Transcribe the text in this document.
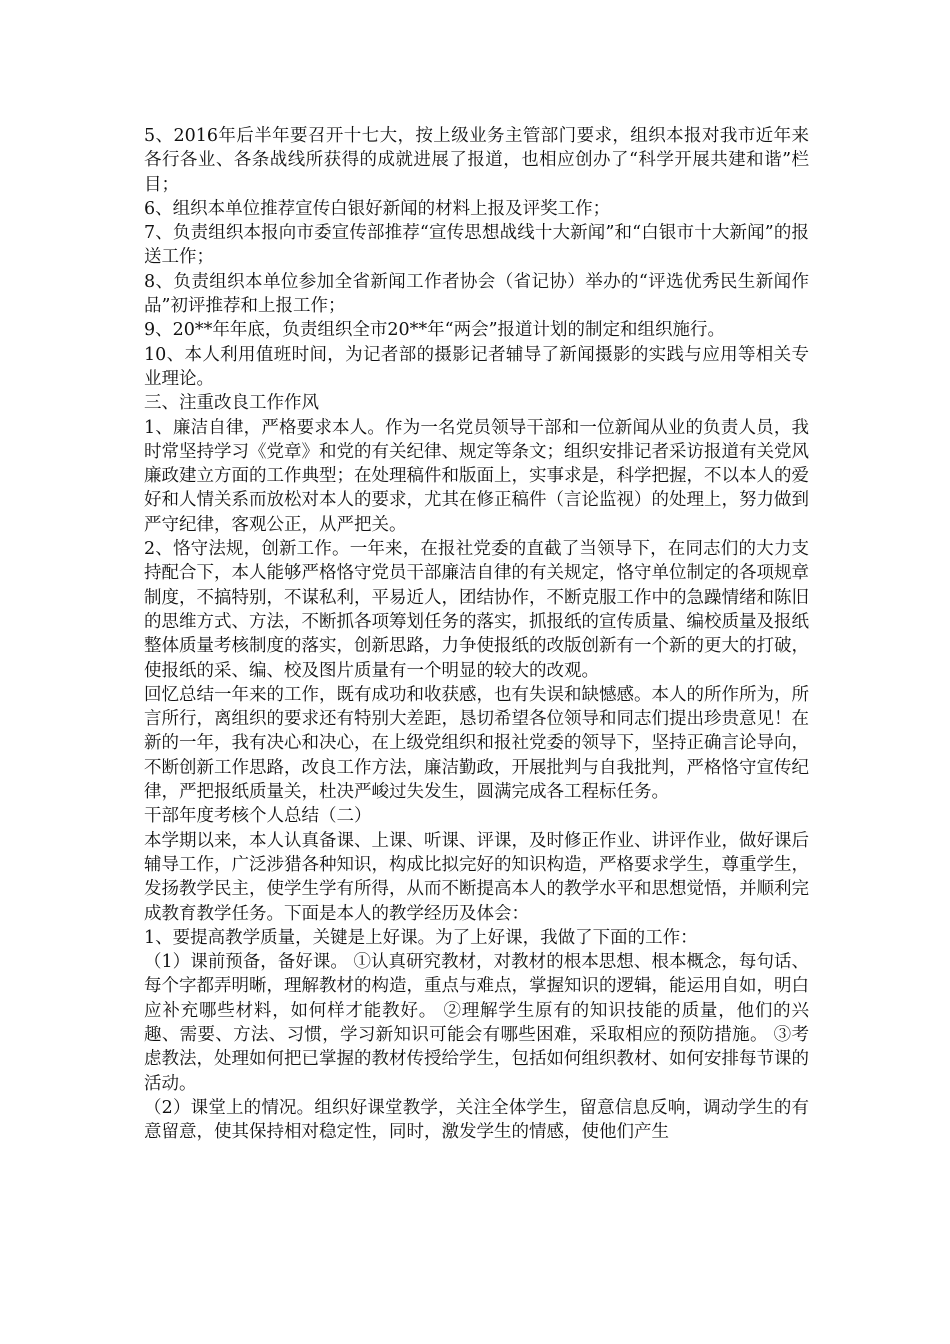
5、2016年后半年要召开十七大，按上级业务主管部门要求，组织本报对我市近年来各行各业、各条战线所获得的成就进展了报道，也相应创办了“科学开展共建和谐”栏目；

6、组织本单位推荐宣传白银好新闻的材料上报及评奖工作；

7、负责组织本报向市委宣传部推荐“宣传思想战线十大新闻”和“白银市十大新闻”的报送工作；

8、负责组织本单位参加全省新闻工作者协会（省记协）举办的“评选优秀民生新闻作品”初评推荐和上报工作；

9、20**年年底，负责组织全市20**年“两会”报道计划的制定和组织施行。

10、本人利用值班时间，为记者部的摄影记者辅导了新闻摄影的实践与应用等相关专业理论。

三、注重改良工作作风

1、廉洁自律，严格要求本人。作为一名党员领导干部和一位新闻从业的负责人员，我时常坚持学习《党章》和党的有关纪律、规定等条文；组织安排记者采访报道有关党风廉政建立方面的工作典型；在处理稿件和版面上，实事求是，科学把握，不以本人的爱好和人情关系而放松对本人的要求，尤其在修正稿件（言论监视）的处理上，努力做到严守纪律，客观公正，从严把关。

2、恪守法规，创新工作。一年来，在报社党委的直截了当领导下，在同志们的大力支持配合下，本人能够严格恪守党员干部廉洁自律的有关规定，恪守单位制定的各项规章制度，不搞特别，不谋私利，平易近人，团结协作，不断克服工作中的急躁情绪和陈旧的思维方式、方法，不断抓各项筹划任务的落实，抓报纸的宣传质量、编校质量及报纸整体质量考核制度的落实，创新思路，力争使报纸的改版创新有一个新的更大的打破，使报纸的采、编、校及图片质量有一个明显的较大的改观。

回忆总结一年来的工作，既有成功和收获感，也有失误和缺憾感。本人的所作所为，所言所行，离组织的要求还有特别大差距，恳切希望各位领导和同志们提出珍贵意见！在新的一年，我有决心和决心，在上级党组织和报社党委的领导下，坚持正确言论导向，不断创新工作思路，改良工作方法，廉洁勤政，开展批判与自我批判，严格恪守宣传纪律，严把报纸质量关，杜决严峻过失发生，圆满完成各工程标任务。

干部年度考核个人总结（二）

本学期以来，本人认真备课、上课、听课、评课，及时修正作业、讲评作业，做好课后辅导工作，广泛涉猎各种知识，构成比拟完好的知识构造，严格要求学生，尊重学生，发扬教学民主，使学生学有所得，从而不断提高本人的教学水平和思想觉悟，并顺利完成教育教学任务。下面是本人的教学经历及体会：

1、要提高教学质量，关键是上好课。为了上好课，我做了下面的工作：

（1）课前预备，备好课。 ①认真研究教材，对教材的根本思想、根本概念，每句话、每个字都弄明晰，理解教材的构造，重点与难点，掌握知识的逻辑，能运用自如，明白应补充哪些材料，如何样才能教好。 ②理解学生原有的知识技能的质量，他们的兴趣、需要、方法、习惯，学习新知识可能会有哪些困难，采取相应的预防措施。 ③考虑教法，处理如何把已掌握的教材传授给学生，包括如何组织教材、如何安排每节课的活动。

（2）课堂上的情况。组织好课堂教学，关注全体学生，留意信息反响，调动学生的有意留意，使其保持相对稳定性，同时，激发学生的情感，使他们产生
